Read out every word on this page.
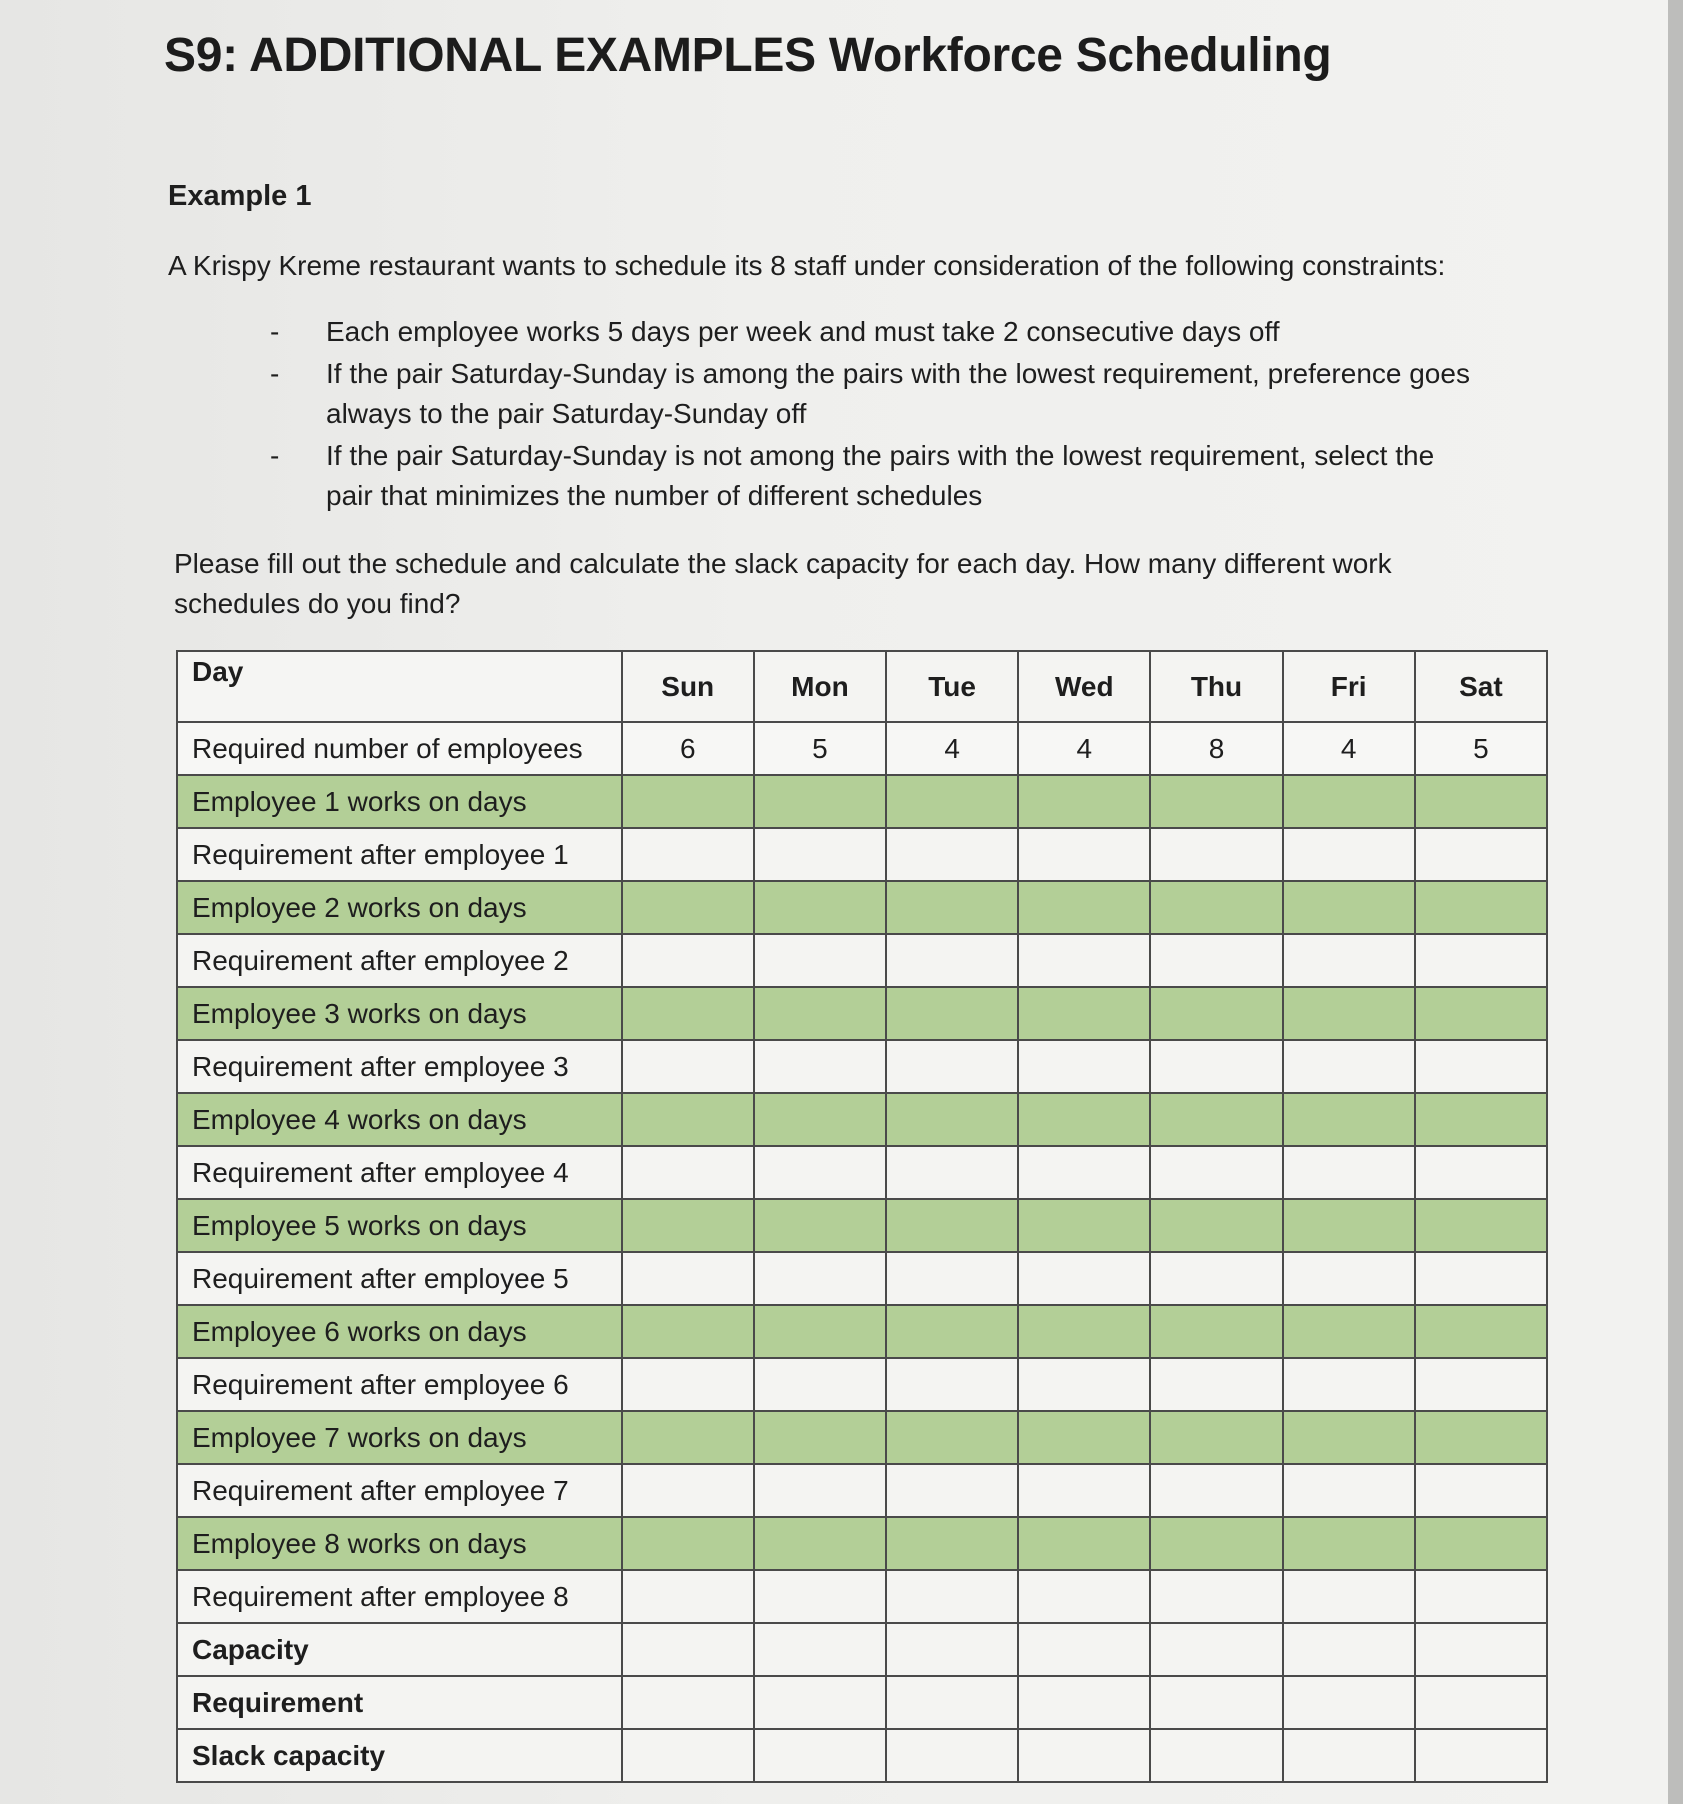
S9: ADDITIONAL EXAMPLES Workforce Scheduling

Example 1

A Krispy Kreme restaurant wants to schedule its 8 staff under consideration of the following constraints:

- Each employee works 5 days per week and must take 2 consecutive days off
- If the pair Saturday-Sunday is among the pairs with the lowest requirement, preference goes always to the pair Saturday-Sunday off
- If the pair Saturday-Sunday is not among the pairs with the lowest requirement, select the pair that minimizes the number of different schedules

Please fill out the schedule and calculate the slack capacity for each day. How many different work schedules do you find?

Day	Sun	Mon	Tue	Wed	Thu	Fri	Sat
Required number of employees	6	5	4	4	8	4	5
Employee 1 works on days							
Requirement after employee 1							
Employee 2 works on days							
Requirement after employee 2							
Employee 3 works on days							
Requirement after employee 3							
Employee 4 works on days							
Requirement after employee 4							
Employee 5 works on days							
Requirement after employee 5							
Employee 6 works on days							
Requirement after employee 6							
Employee 7 works on days							
Requirement after employee 7							
Employee 8 works on days							
Requirement after employee 8							
Capacity							
Requirement							
Slack capacity							
